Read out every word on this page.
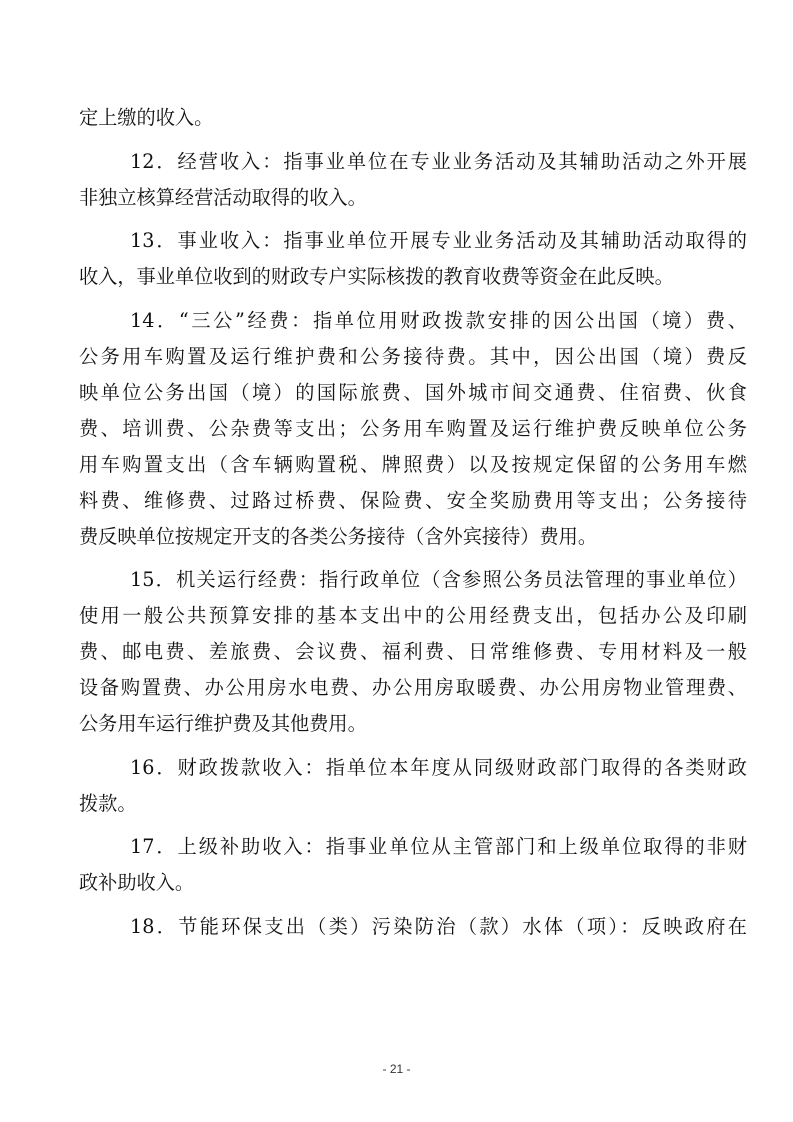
定上缴的收入。
12．经营收入：指事业单位在专业业务活动及其辅助活动之外开展
非独立核算经营活动取得的收入。
13．事业收入：指事业单位开展专业业务活动及其辅助活动取得的
收入，事业单位收到的财政专户实际核拨的教育收费等资金在此反映。
14．“三公”经费：指单位用财政拨款安排的因公出国（境）费、
公务用车购置及运行维护费和公务接待费。其中，因公出国（境）费反
映单位公务出国（境）的国际旅费、国外城市间交通费、住宿费、伙食
费、培训费、公杂费等支出；公务用车购置及运行维护费反映单位公务
用车购置支出（含车辆购置税、牌照费）以及按规定保留的公务用车燃
料费、维修费、过路过桥费、保险费、安全奖励费用等支出；公务接待
费反映单位按规定开支的各类公务接待（含外宾接待）费用。
15．机关运行经费：指行政单位（含参照公务员法管理的事业单位）
使用一般公共预算安排的基本支出中的公用经费支出，包括办公及印刷
费、邮电费、差旅费、会议费、福利费、日常维修费、专用材料及一般
设备购置费、办公用房水电费、办公用房取暖费、办公用房物业管理费、
公务用车运行维护费及其他费用。
16．财政拨款收入：指单位本年度从同级财政部门取得的各类财政
拨款。
17．上级补助收入：指事业单位从主管部门和上级单位取得的非财
政补助收入。
18．节能环保支出（类）污染防治（款）水体（项）：反映政府在
- 21 -
